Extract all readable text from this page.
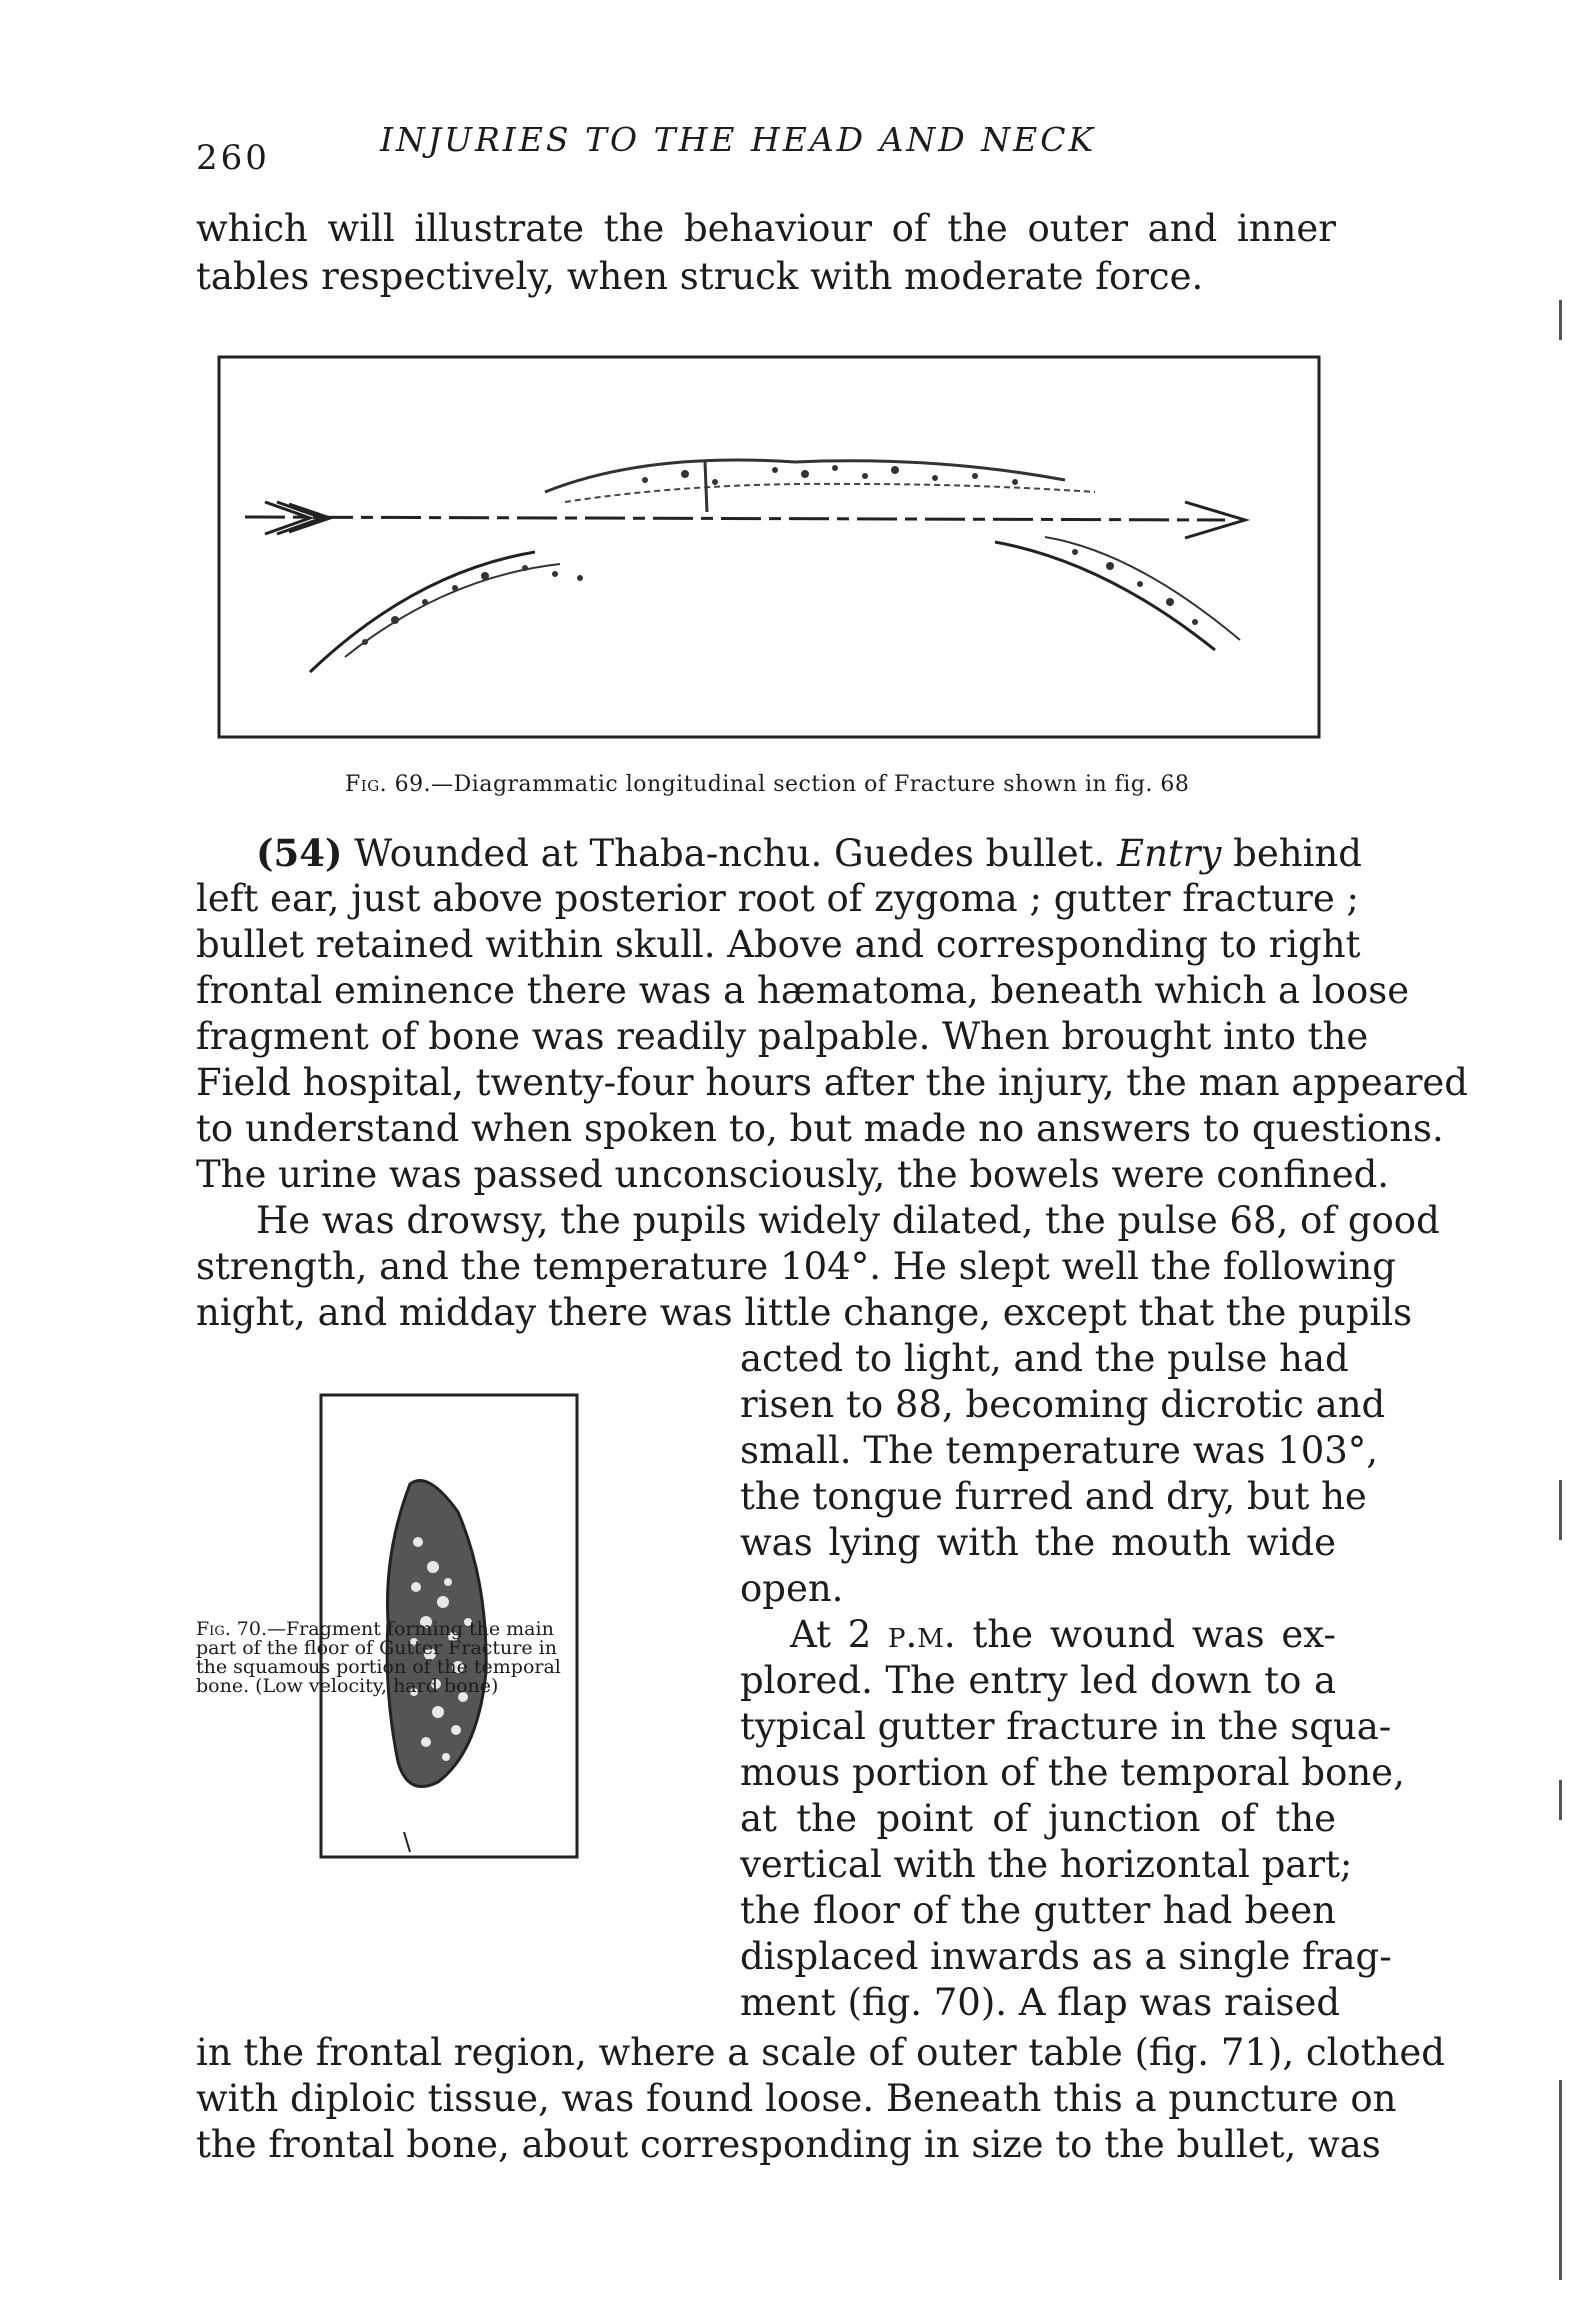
260	INJURIES TO THE HEAD AND NECK
which will illustrate the behaviour of the outer and inner
tables respectively, when struck with moderate force.
Fig. 69.—Diagrammatic longitudinal section of Fracture shown in fig. 68
(54) Wounded at Thaba-nchu. Guedes bullet. Entry behind
left ear, just above posterior root of zygoma ; gutter fracture ;
bullet retained within skull. Above and corresponding to right
frontal eminence there was a hæmatoma, beneath which a loose
fragment of bone was readily palpable. When brought into the
Field hospital, twenty-four hours after the injury, the man appeared
to understand when spoken to, but made no answers to questions.
The urine was passed unconsciously, the bowels were confined.
He was drowsy, the pupils widely dilated, the pulse 68, of good
strength, and the temperature 104°. He slept well the following
night, and midday there was little change, except that the pupils
Fig. 70.—Fragment forming the main
part of the floor of Gutter Fracture in
the squamous portion of the temporal
bone. (Low velocity, hard bone)
acted to light, and the pulse had
risen to 88, becoming dicrotic and
small. The temperature was 103°,
the tongue furred and dry, but he
was lying with the mouth wide
open.
At 2 p.m. the wound was ex-
plored. The entry led down to a
typical gutter fracture in the squa-
mous portion of the temporal bone,
at the point of junction of the
vertical with the horizontal part;
the floor of the gutter had been
displaced inwards as a single frag-
ment (fig. 70). A flap was raised
in the frontal region, where a scale of outer table (fig. 71), clothed
with diploic tissue, was found loose. Beneath this a puncture on
the frontal bone, about corresponding in size to the bullet, was
